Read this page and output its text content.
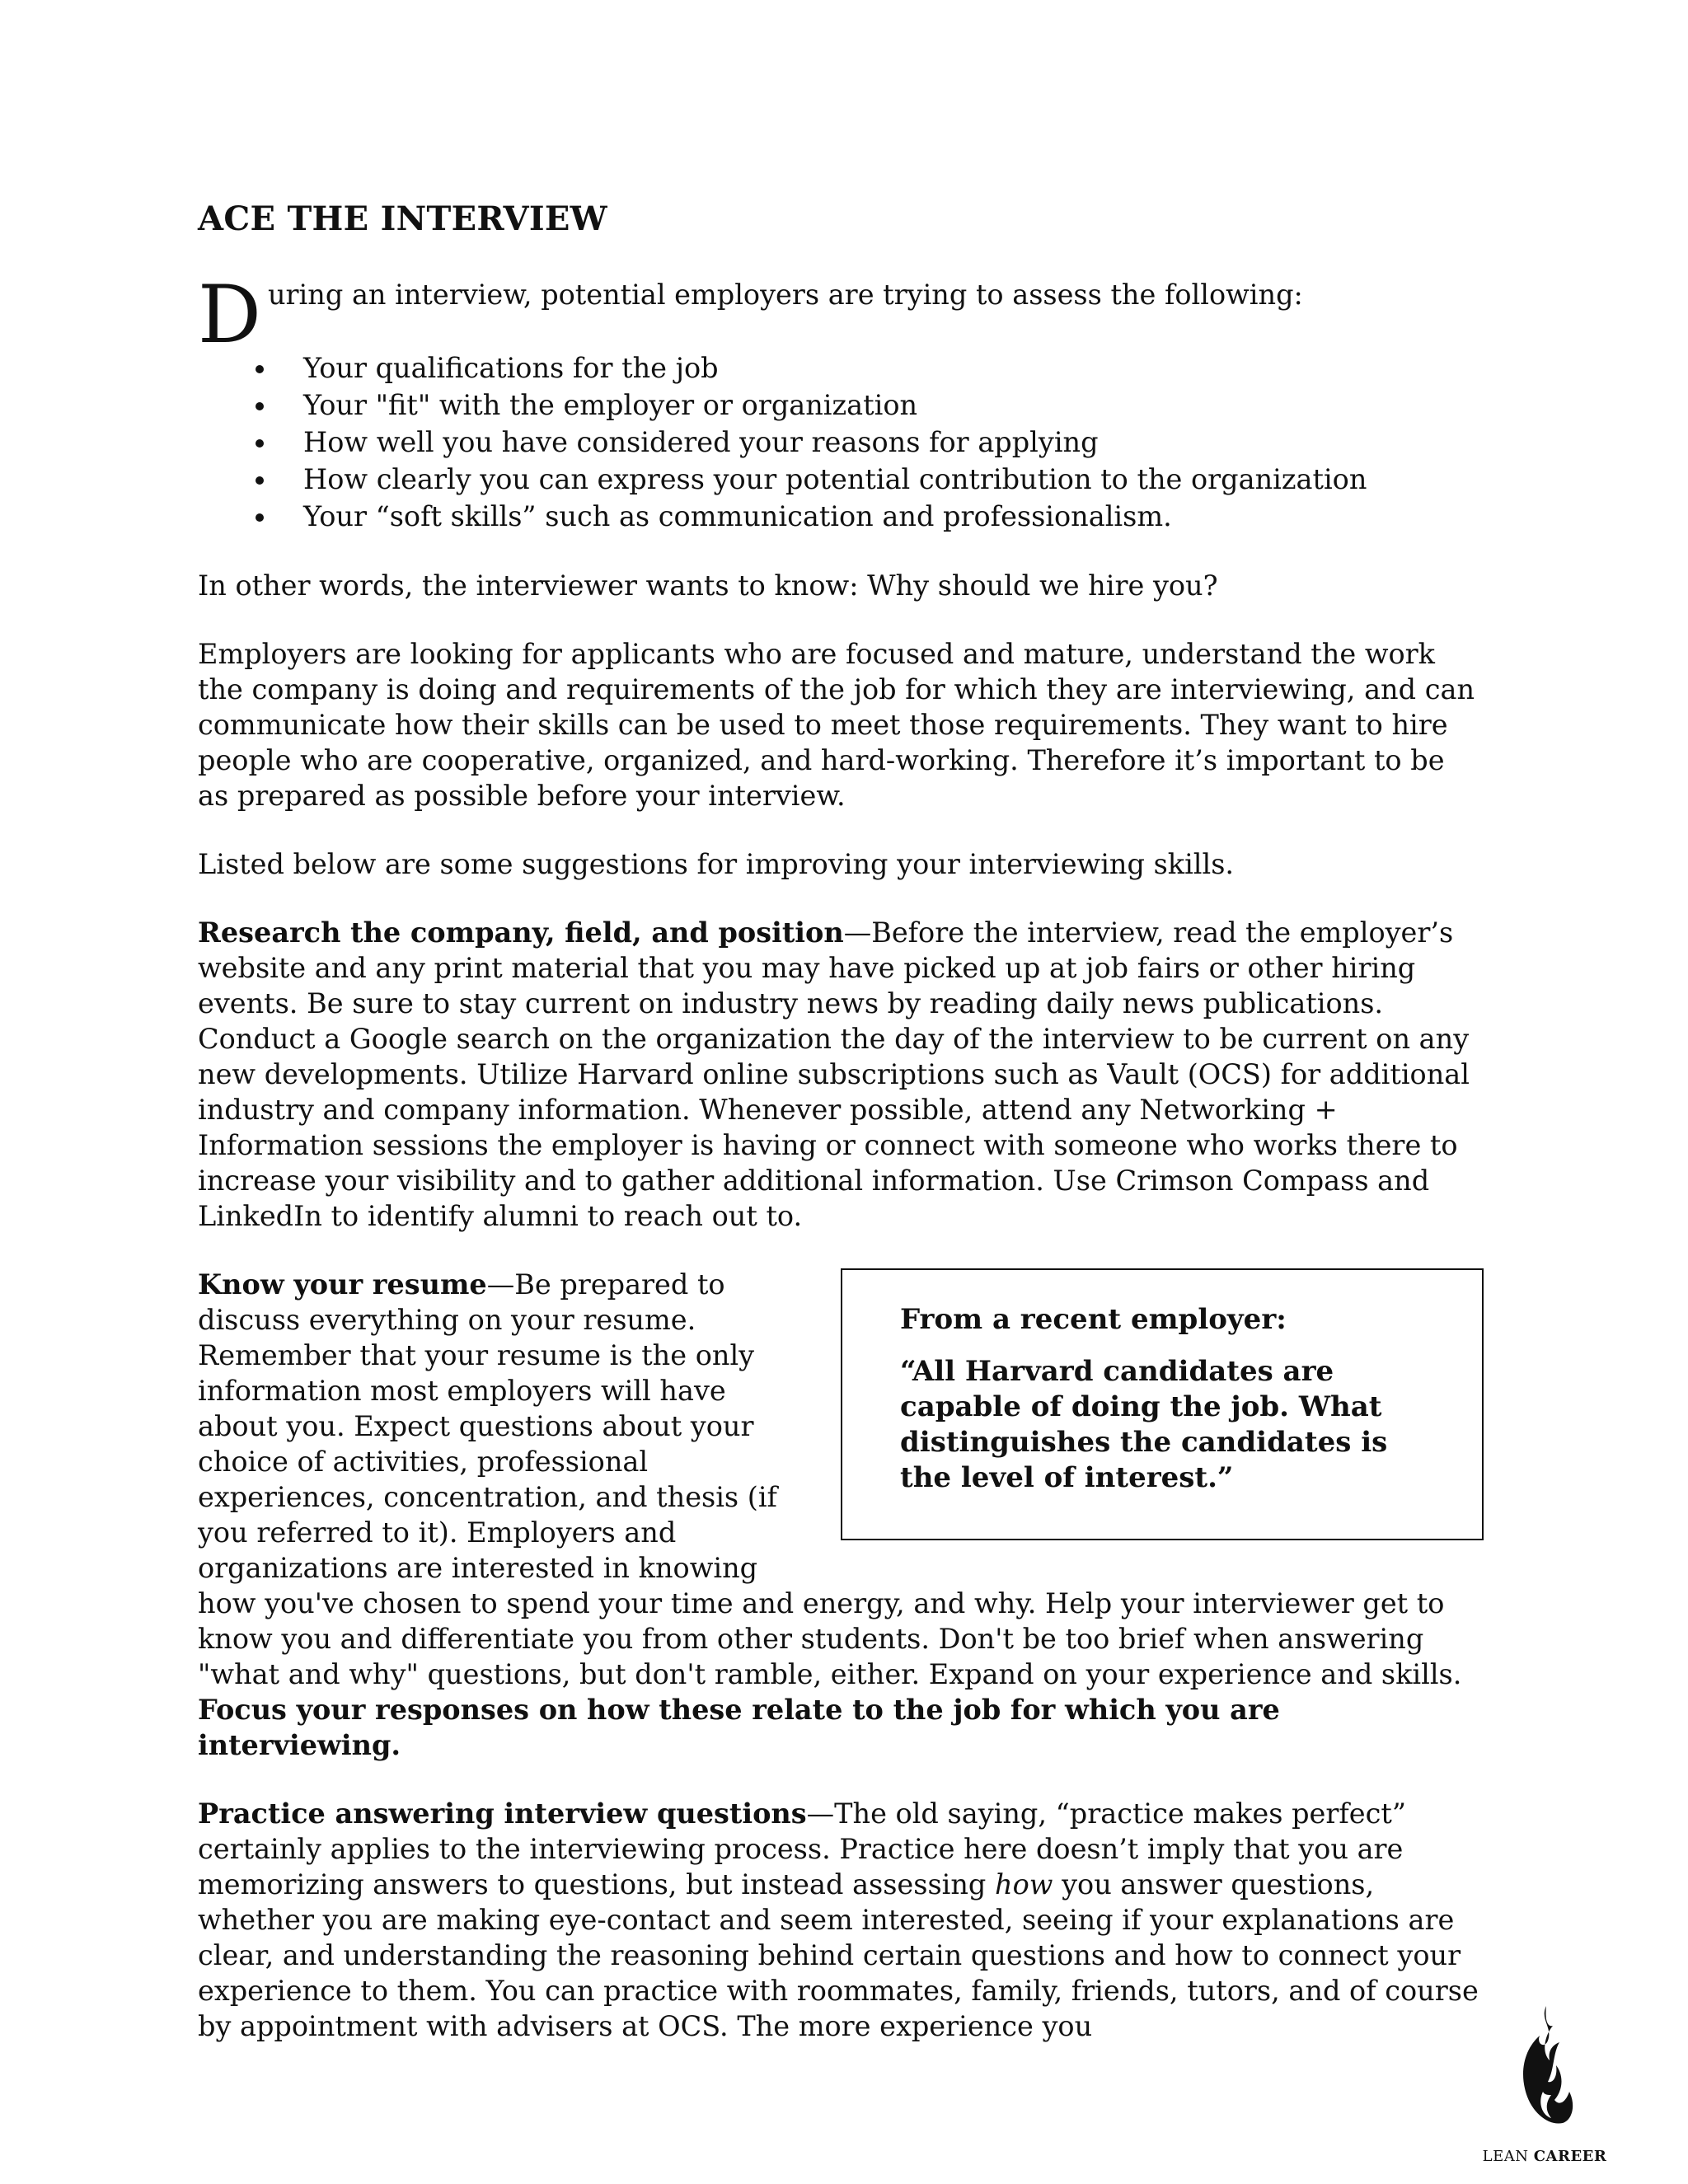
ACE THE INTERVIEW
D uring an interview, potential employers are trying to assess the following:

Your qualifications for the job
Your "fit" with the employer or organization
How well you have considered your reasons for applying
How clearly you can express your potential contribution to the organization
Your “soft skills” such as communication and professionalism.

In other words, the interviewer wants to know: Why should we hire you?

Employers are looking for applicants who are focused and mature, understand the work the company is doing and requirements of the job for which they are interviewing, and can communicate how their skills can be used to meet those requirements. They want to hire people who are cooperative, organized, and hard-working. Therefore it’s important to be as prepared as possible before your interview.

Listed below are some suggestions for improving your interviewing skills.

Research the company, field, and position—Before the interview, read the employer’s website and any print material that you may have picked up at job fairs or other hiring events. Be sure to stay current on industry news by reading daily news publications. Conduct a Google search on the organization the day of the interview to be current on any new developments. Utilize Harvard online subscriptions such as Vault (OCS) for additional industry and company information. Whenever possible, attend any Networking + Information sessions the employer is having or connect with someone who works there to increase your visibility and to gather additional information. Use Crimson Compass and LinkedIn to identify alumni to reach out to.

From a recent employer:

“All Harvard candidates are capable of doing the job. What distinguishes the candidates is the level of interest.”

Know your resume—Be prepared to discuss everything on your resume. Remember that your resume is the only information most employers will have about you. Expect questions about your choice of activities, professional experiences, concentration, and thesis (if you referred to it). Employers and organizations are interested in knowing how you've chosen to spend your time and energy, and why. Help your interviewer get to know you and differentiate you from other students. Don't be too brief when answering "what and why" questions, but don't ramble, either. Expand on your experience and skills. Focus your responses on how these relate to the job for which you are interviewing.

Practice answering interview questions—The old saying, “practice makes perfect” certainly applies to the interviewing process. Practice here doesn’t imply that you are memorizing answers to questions, but instead assessing how you answer questions, whether you are making eye-contact and seem interested, seeing if your explanations are clear, and understanding the reasoning behind certain questions and how to connect your experience to them. You can practice with roommates, family, friends, tutors, and of course by appointment with advisers at OCS. The more experience you

LEAN CAREER
